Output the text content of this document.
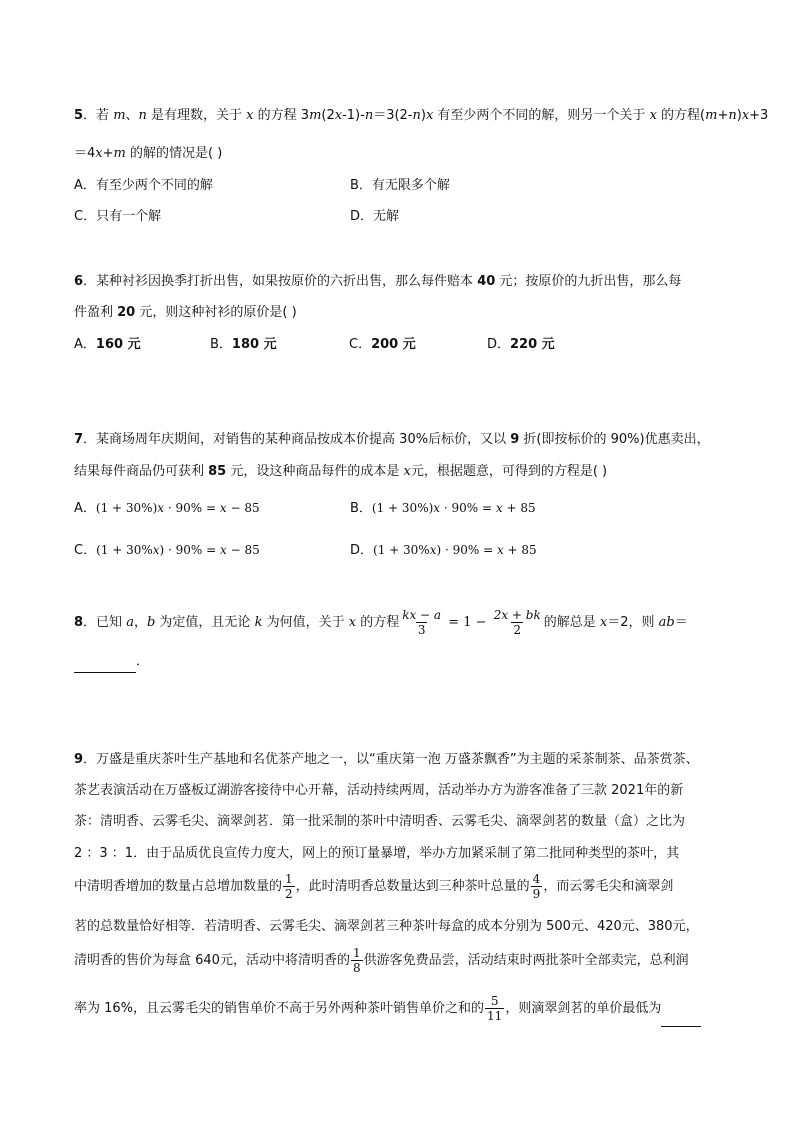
5．若 m、n 是有理数，关于 x 的方程 3m(2x-1)-n＝3(2-n)x 有至少两个不同的解，则另一个关于 x 的方程(m+n)x+3
＝4x+m 的解的情况是( )
A．有至少两个不同的解	B．有无限多个解
C．只有一个解	D．无解
6．某种衬衫因换季打折出售，如果按原价的六折出售，那么每件赔本 40 元；按原价的九折出售，那么每
件盈利 20 元，则这种衬衫的原价是( )
A．160 元	B．180 元	C．200 元	D．220 元
7．某商场周年庆期间，对销售的某种商品按成本价提高 30%后标价，又以 9 折(即按标价的 90%)优惠卖出，
结果每件商品仍可获利 85 元，设这种商品每件的成本是 x元，根据题意，可得到的方程是( )
A．(1 + 30%)x · 90% = x − 85	B．(1 + 30%)x · 90% = x + 85
C．(1 + 30%x) · 90% = x − 85	D．(1 + 30%x) · 90% = x + 85
8．已知 a，b 为定值，且无论 k 为何值，关于 x 的方程 $\frac{kx - a}{3} = 1 - \frac{2x + bk}{2}$ 的解总是 x＝2，则 ab＝
．
9．万盛是重庆茶叶生产基地和名优茶产地之一，以“重庆第一泡 万盛茶飘香”为主题的采茶制茶、品茶赏茶、
茶艺表演活动在万盛板辽湖游客接待中心开幕，活动持续两周，活动举办方为游客准备了三款 2021年的新
茶：清明香、云雾毛尖、滴翠剑茗．第一批采制的茶叶中清明香、云雾毛尖、滴翠剑茗的数量（盒）之比为
2 ：3 ：1．由于品质优良宣传力度大，网上的预订量暴增，举办方加紧采制了第二批同种类型的茶叶，其
中清明香增加的数量占总增加数量的 $\frac{1}{2}$ ，此时清明香总数量达到三种茶叶总量的 $\frac{4}{9}$ ，而云雾毛尖和滴翠剑
茗的总数量恰好相等．若清明香、云雾毛尖、滴翠剑茗三种茶叶每盒的成本分别为 500元、420元、380元，
清明香的售价为每盒 640元，活动中将清明香的 $\frac{1}{8}$ 供游客免费品尝，活动结束时两批茶叶全部卖完，总利润
率为 16%，且云雾毛尖的销售单价不高于另外两种茶叶销售单价之和的 $\frac{5}{11}$ ，则滴翠剑茗的单价最低为
